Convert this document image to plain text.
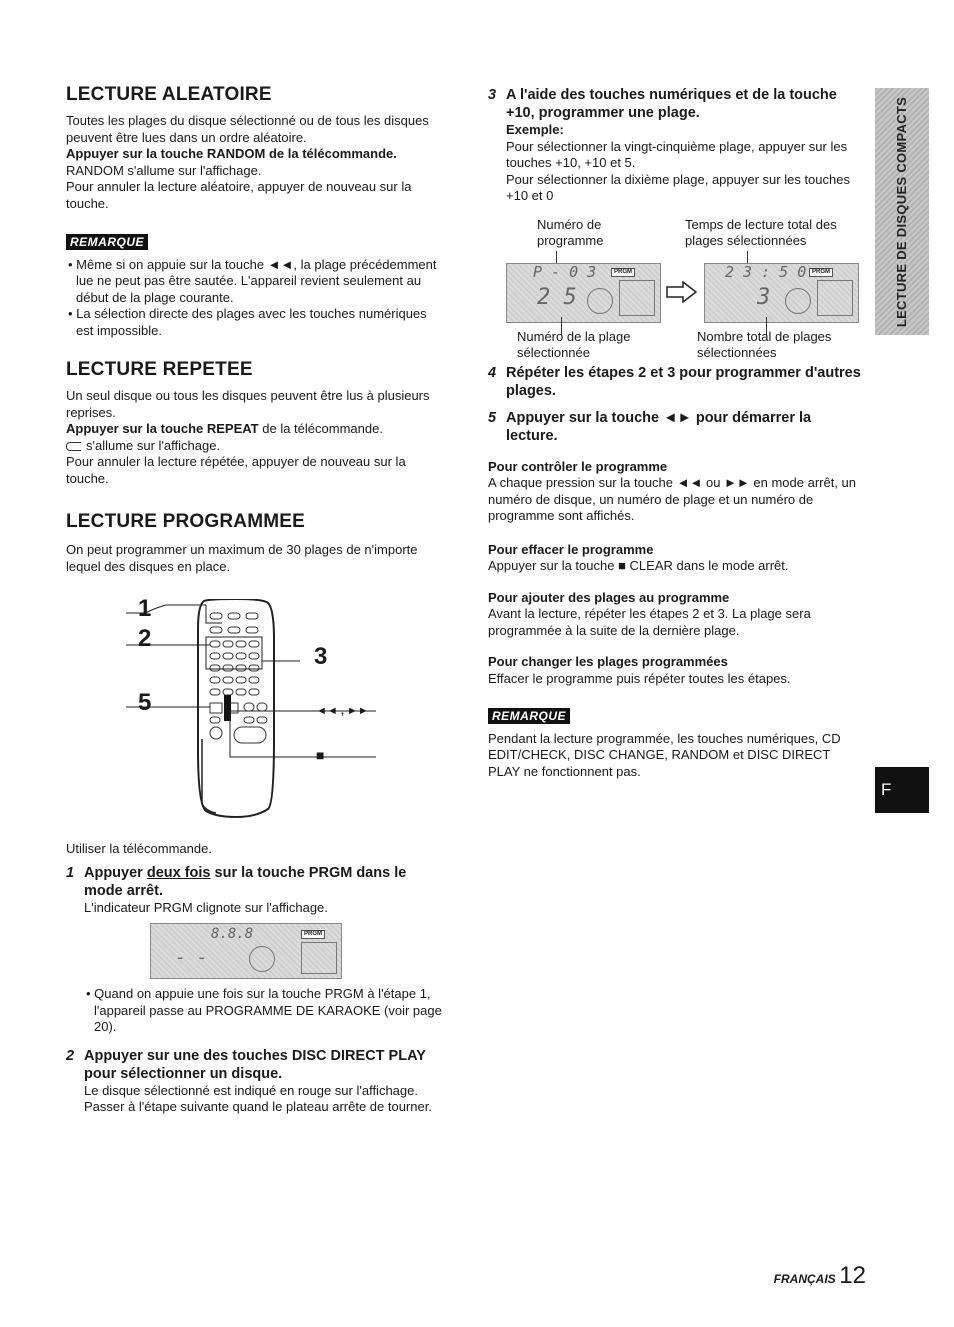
LECTURE ALEATOIRE

Toutes les plages du disque sélectionné ou de tous les disques peuvent être lues dans un ordre aléatoire.

Appuyer sur la touche RANDOM de la télécommande.

RANDOM s'allume sur l'affichage.

Pour annuler la lecture aléatoire, appuyer de nouveau sur la touche.

REMARQUE

• Même si on appuie sur la touche ◄◄, la plage précédemment lue ne peut pas être sautée. L'appareil revient seulement au début de la plage courante.

• La sélection directe des plages avec les touches numériques est impossible.

LECTURE REPETEE

Un seul disque ou tous les disques peuvent être lus à plusieurs reprises.

Appuyer sur la touche REPEAT de la télécommande.

s'allume sur l'affichage.

Pour annuler la lecture répétée, appuyer de nouveau sur la touche.

LECTURE PROGRAMMEE

On peut programmer un maximum de 30 plages de n'importe lequel des disques en place.

1
2
3
5	◄◄ , ►►
■

Utiliser la télécommande.

1 Appuyer deux fois sur la touche PRGM dans le mode arrêt.

L'indicateur PRGM clignote sur l'affichage.

8.8.8
- -
PRGM

• Quand on appuie une fois sur la touche PRGM à l'étape 1, l'appareil passe au PROGRAMME DE KARAOKE (voir page 20).

2 Appuyer sur une des touches DISC DIRECT PLAY pour sélectionner un disque.

Le disque sélectionné est indiqué en rouge sur l'affichage.

Passer à l'étape suivante quand le plateau arrête de tourner.

3 A l'aide des touches numériques et de la touche +10, programmer une plage.

Exemple:

Pour sélectionner la vingt-cinquième plage, appuyer sur les touches +10, +10 et 5.

Pour sélectionner la dixième plage, appuyer sur les touches +10 et 0

Numéro de programme
Temps de lecture total des plages sélectionnées
P - 0 3
2 5
PRGM	2 3 : 5 0
3
PRGM
Numéro de la plage sélectionnée
Nombre total de plages sélectionnées
4 Répéter les étapes 2 et 3 pour programmer d'autres plages.
5 Appuyer sur la touche ◄► pour démarrer la lecture.

Pour contrôler le programme

A chaque pression sur la touche ◄◄ ou ►► en mode arrêt, un numéro de disque, un numéro de plage et un numéro de programme sont affichés.

Pour effacer le programme

Appuyer sur la touche ■ CLEAR dans le mode arrêt.

Pour ajouter des plages au programme

Avant la lecture, répéter les étapes 2 et 3. La plage sera programmée à la suite de la dernière plage.

Pour changer les plages programmées

Effacer le programme puis répéter toutes les étapes.

REMARQUE

Pendant la lecture programmée, les touches numériques, CD EDIT/CHECK, DISC CHANGE, RANDOM et DISC DIRECT PLAY ne fonctionnent pas.

LECTURE DE DISQUES COMPACTS
F
FRANÇAIS 12
